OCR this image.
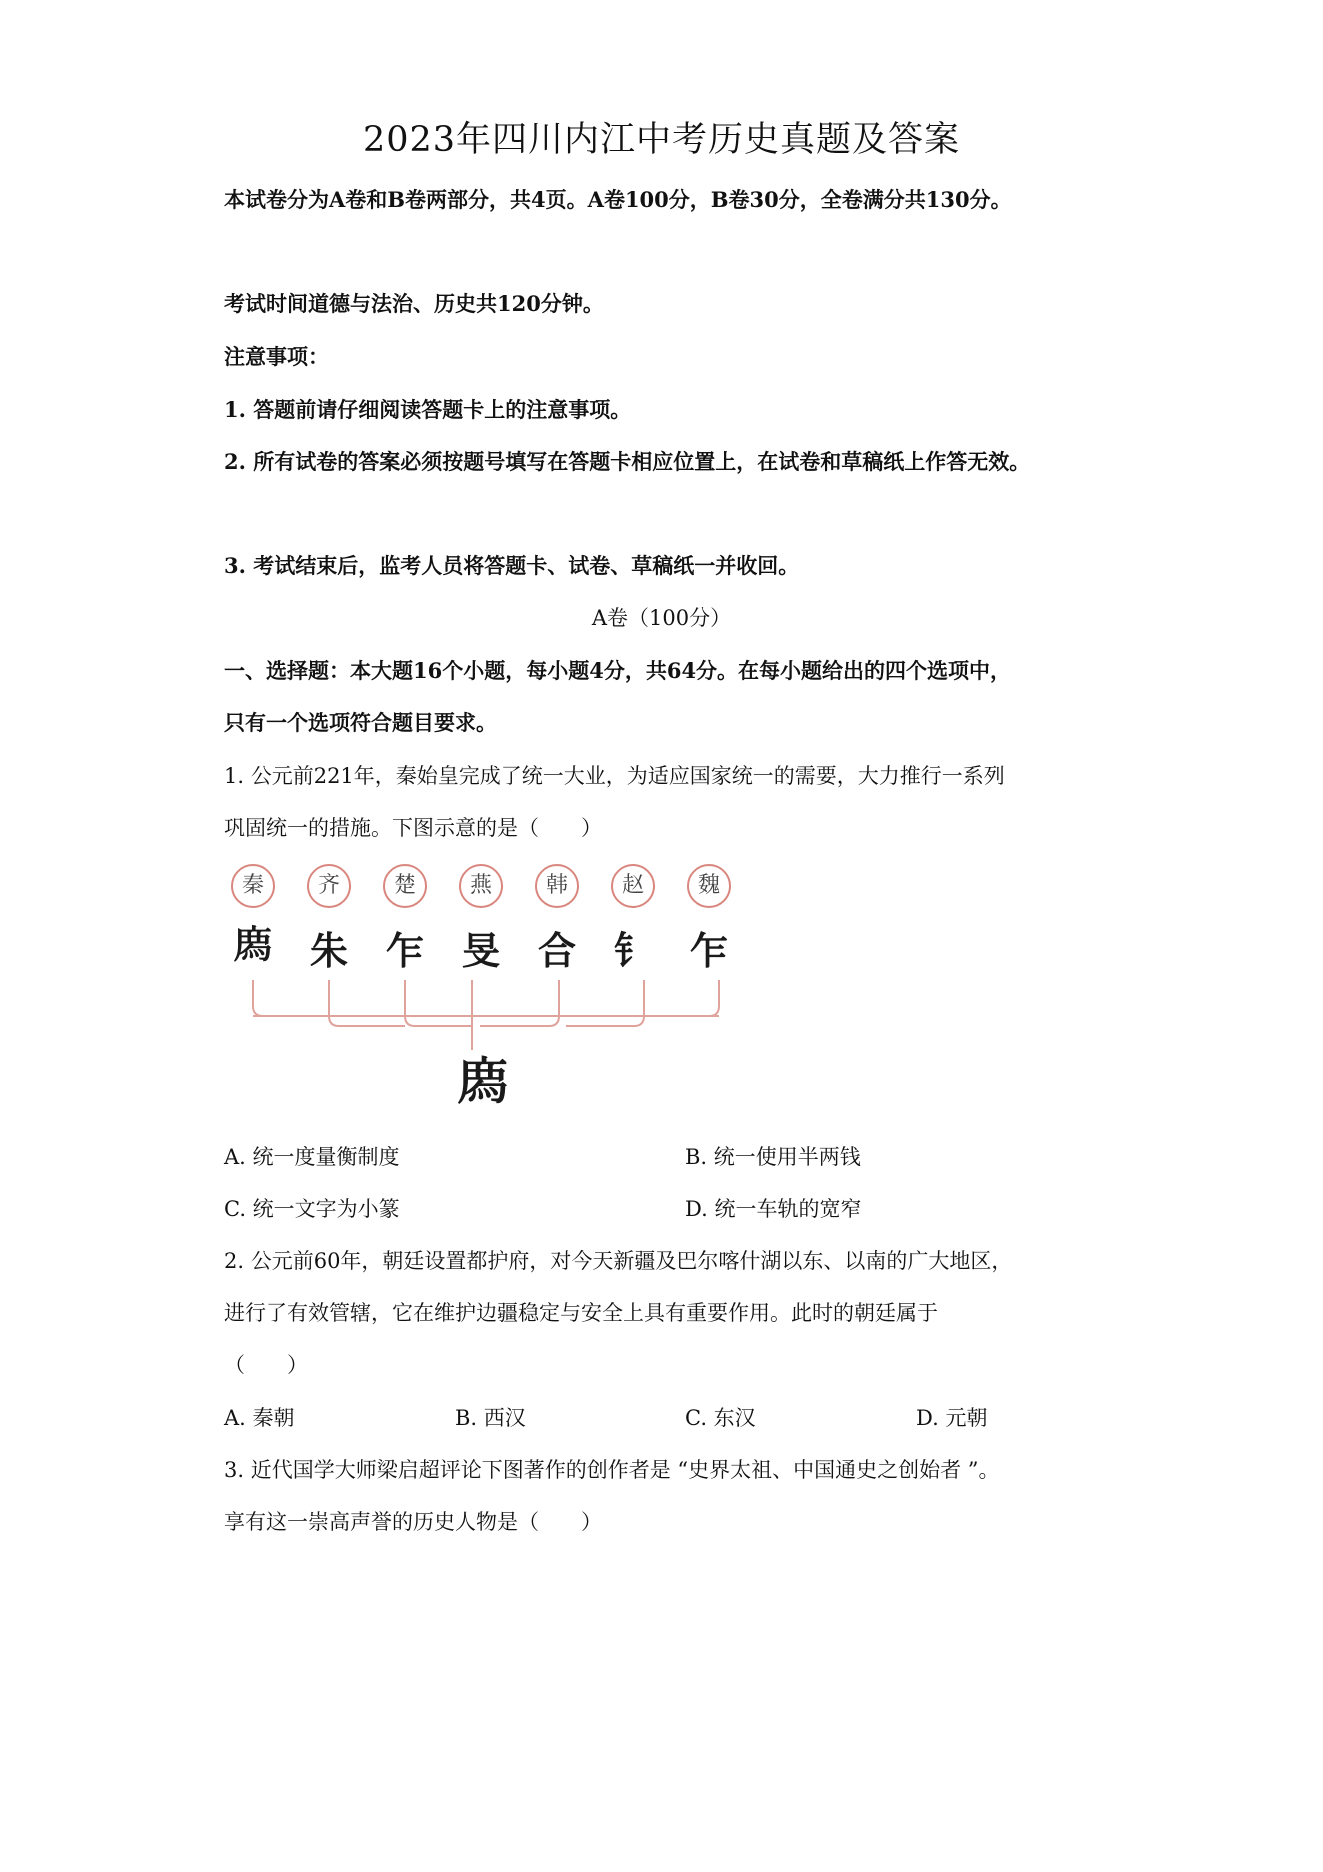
2023年四川内江中考历史真题及答案
本试卷分为A卷和B卷两部分，共4页。A卷100分，B卷30分，全卷满分共130分。
考试时间道德与法治、历史共120分钟。
注意事项：
1. 答题前请仔细阅读答题卡上的注意事项。
2. 所有试卷的答案必须按题号填写在答题卡相应位置上，在试卷和草稿纸上作答无效。
3. 考试结束后，监考人员将答题卡、试卷、草稿纸一并收回。
A卷（100分）
一、选择题：本大题16个小题，每小题4分，共64分。在每小题给出的四个选项中，
只有一个选项符合题目要求。
1. 公元前221年，秦始皇完成了统一大业，为适应国家统一的需要，大力推行一系列
巩固统一的措施。下图示意的是（　　）
秦	齐	楚	燕	韩	赵	魏
𢊁 朱 乍 旻 合 钅 乍
𢊁
A. 统一度量衡制度	B. 统一使用半两钱
C. 统一文字为小篆	D. 统一车轨的宽窄
2. 公元前60年，朝廷设置都护府，对今天新疆及巴尔喀什湖以东、以南的广大地区，
进行了有效管辖，它在维护边疆稳定与安全上具有重要作用。此时的朝廷属于
（　　）
A. 秦朝	B. 西汉	C. 东汉	D. 元朝
3. 近代国学大师梁启超评论下图著作的创作者是 “史界太祖、中国通史之创始者 ”。
享有这一崇高声誉的历史人物是（　　）
